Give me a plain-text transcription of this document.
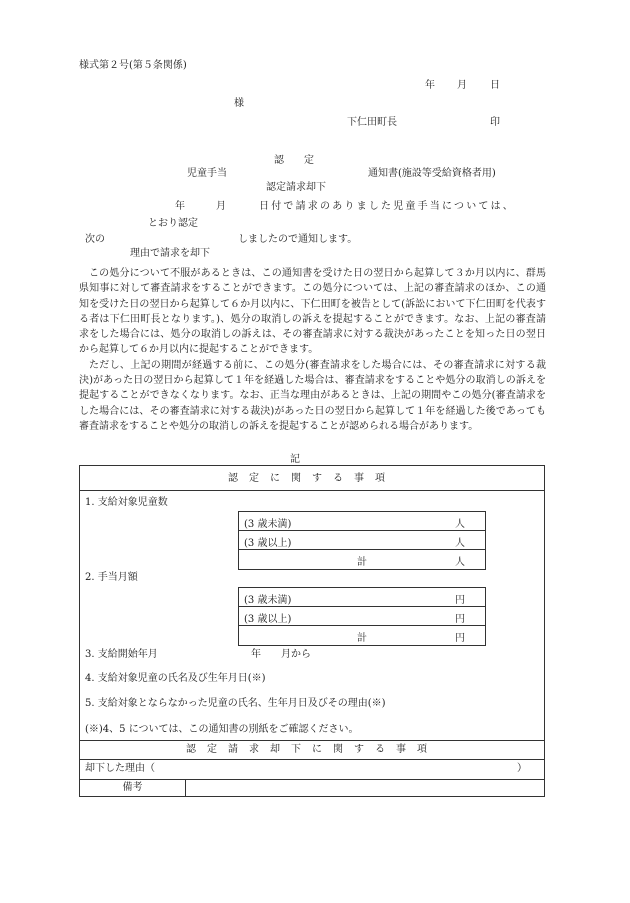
様式第２号(第５条関係)
年 月 日
様
下仁田町長	印
認　　定
児童手当	通知書(施設等受給資格者用)
認定請求却下
年	月	日付で請求のありました児童手当については、
とおり認定
次の	しましたので通知します。
理由で請求を却下

この処分について不服があるときは、この通知書を受けた日の翌日から起算して３か月以内に、群馬県知事に対して審査請求をすることができます。この処分については、上記の審査請求のほか、この通知を受けた日の翌日から起算して６か月以内に、下仁田町を被告として(訴訟において下仁田町を代表する者は下仁田町長となります。)、処分の取消しの訴えを提起することができます。なお、上記の審査請求をした場合には、処分の取消しの訴えは、その審査請求に対する裁決があったことを知った日の翌日から起算して６か月以内に提起することができます。

ただし、上記の期間が経過する前に、この処分(審査請求をした場合には、その審査請求に対する裁決)があった日の翌日から起算して１年を経過した場合は、審査請求をすることや処分の取消しの訴えを提起することができなくなります。なお、正当な理由があるときは、上記の期間やこの処分(審査請求をした場合には、その審査請求に対する裁決)があった日の翌日から起算して１年を経過した後であっても審査請求をすることや処分の取消しの訴えを提起することが認められる場合があります。

記
認定に関する事項
1. 支給対象児童数
(3 歳未満)	人
(3 歳以上)	人
計	人
2. 手当月額
(3 歳未満)	円
(3 歳以上)	円
計	円
3. 支給開始年月	年 月から
4. 支給対象児童の氏名及び生年月日(※)
5. 支給対象とならなかった児童の氏名、生年月日及びその理由(※)
(※)4、5 については、この通知書の別紙をご確認ください。
認定請求却下に関する事項
却下した理由（	）
備考
